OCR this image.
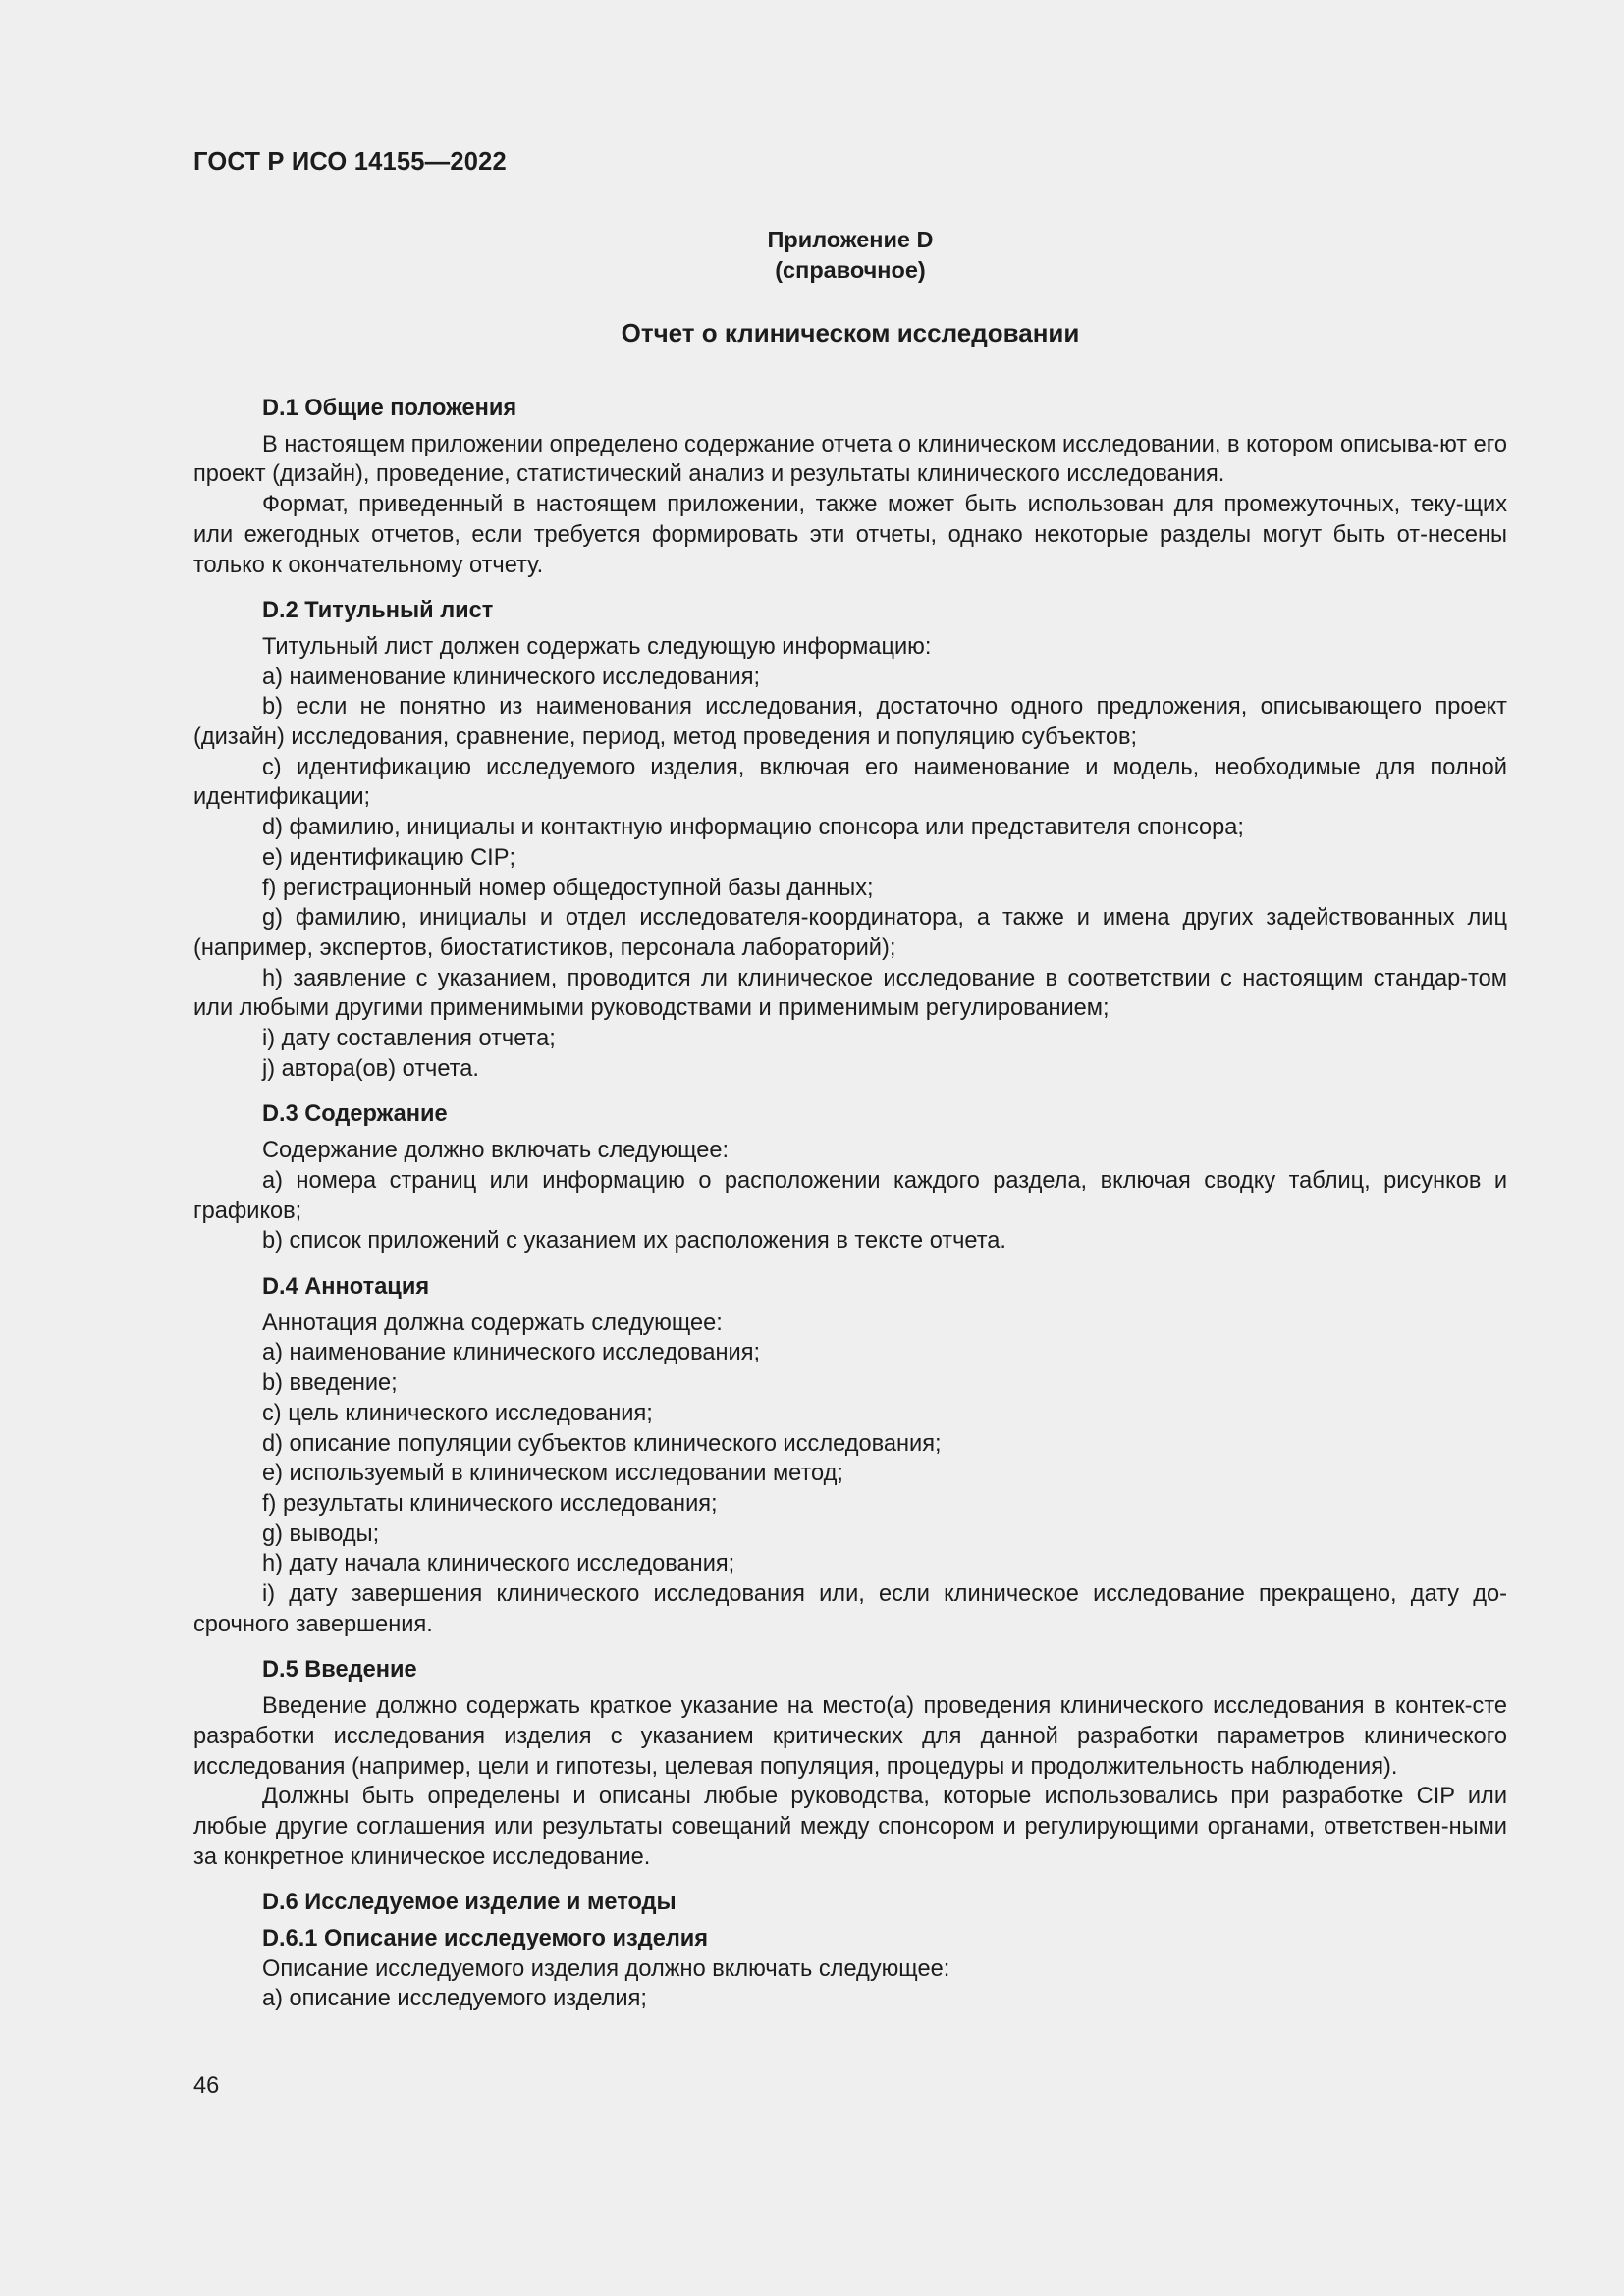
ГОСТ Р ИСО 14155—2022
Приложение D
(справочное)
Отчет о клиническом исследовании

D.1 Общие положения

В настоящем приложении определено содержание отчета о клиническом исследовании, в котором описыва-ют его проект (дизайн), проведение, статистический анализ и результаты клинического исследования.

Формат, приведенный в настоящем приложении, также может быть использован для промежуточных, теку-щих или ежегодных отчетов, если требуется формировать эти отчеты, однако некоторые разделы могут быть от-несены только к окончательному отчету.

D.2 Титульный лист

Титульный лист должен содержать следующую информацию:

a) наименование клинического исследования;

b) если не понятно из наименования исследования, достаточно одного предложения, описывающего проект (дизайн) исследования, сравнение, период, метод проведения и популяцию субъектов;

c) идентификацию исследуемого изделия, включая его наименование и модель, необходимые для полной идентификации;

d) фамилию, инициалы и контактную информацию спонсора или представителя спонсора;

e) идентификацию CIP;

f) регистрационный номер общедоступной базы данных;

g) фамилию, инициалы и отдел исследователя-координатора, а также и имена других задействованных лиц (например, экспертов, биостатистиков, персонала лабораторий);

h) заявление с указанием, проводится ли клиническое исследование в соответствии с настоящим стандар-том или любыми другими применимыми руководствами и применимым регулированием;

i) дату составления отчета;

j) автора(ов) отчета.

D.3 Содержание

Содержание должно включать следующее:

a) номера страниц или информацию о расположении каждого раздела, включая сводку таблиц, рисунков и графиков;

b) список приложений с указанием их расположения в тексте отчета.

D.4 Аннотация

Аннотация должна содержать следующее:

a) наименование клинического исследования;

b) введение;

c) цель клинического исследования;

d) описание популяции субъектов клинического исследования;

e) используемый в клиническом исследовании метод;

f) результаты клинического исследования;

g) выводы;

h) дату начала клинического исследования;

i) дату завершения клинического исследования или, если клиническое исследование прекращено, дату до-срочного завершения.

D.5 Введение

Введение должно содержать краткое указание на место(а) проведения клинического исследования в контек-сте разработки исследования изделия с указанием критических для данной разработки параметров клинического исследования (например, цели и гипотезы, целевая популяция, процедуры и продолжительность наблюдения).

Должны быть определены и описаны любые руководства, которые использовались при разработке CIP или любые другие соглашения или результаты совещаний между спонсором и регулирующими органами, ответствен-ными за конкретное клиническое исследование.

D.6 Исследуемое изделие и методы

D.6.1 Описание исследуемого изделия

Описание исследуемого изделия должно включать следующее:

a) описание исследуемого изделия;

46
